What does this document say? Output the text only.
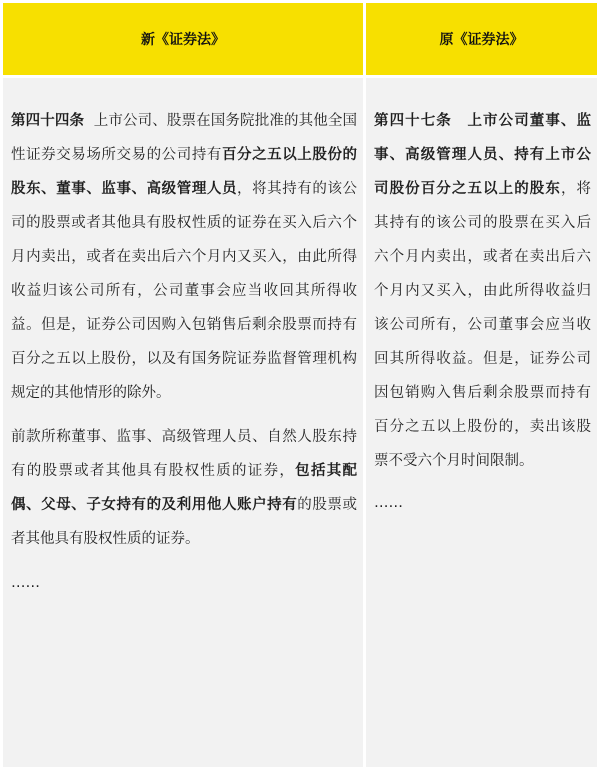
新《证券法》

第四十四条 上市公司、股票在国务院批准的其他全国性证券交易场所交易的公司持有百分之五以上股份的股东、董事、监事、高级管理人员，将其持有的该公司的股票或者其他具有股权性质的证券在买入后六个月内卖出，或者在卖出后六个月内又买入，由此所得收益归该公司所有，公司董事会应当收回其所得收益。但是，证券公司因购入包销售后剩余股票而持有百分之五以上股份，以及有国务院证券监督管理机构规定的其他情形的除外。

前款所称董事、监事、高级管理人员、自然人股东持有的股票或者其他具有股权性质的证券，包括其配偶、父母、子女持有的及利用他人账户持有的股票或者其他具有股权性质的证券。

……

原《证券法》

第四十七条　上市公司董事、监事、高级管理人员、持有上市公司股份百分之五以上的股东，将其持有的该公司的股票在买入后六个月内卖出，或者在卖出后六个月内又买入，由此所得收益归该公司所有，公司董事会应当收回其所得收益。但是，证券公司因包销购入售后剩余股票而持有百分之五以上股份的，卖出该股票不受六个月时间限制。

……
